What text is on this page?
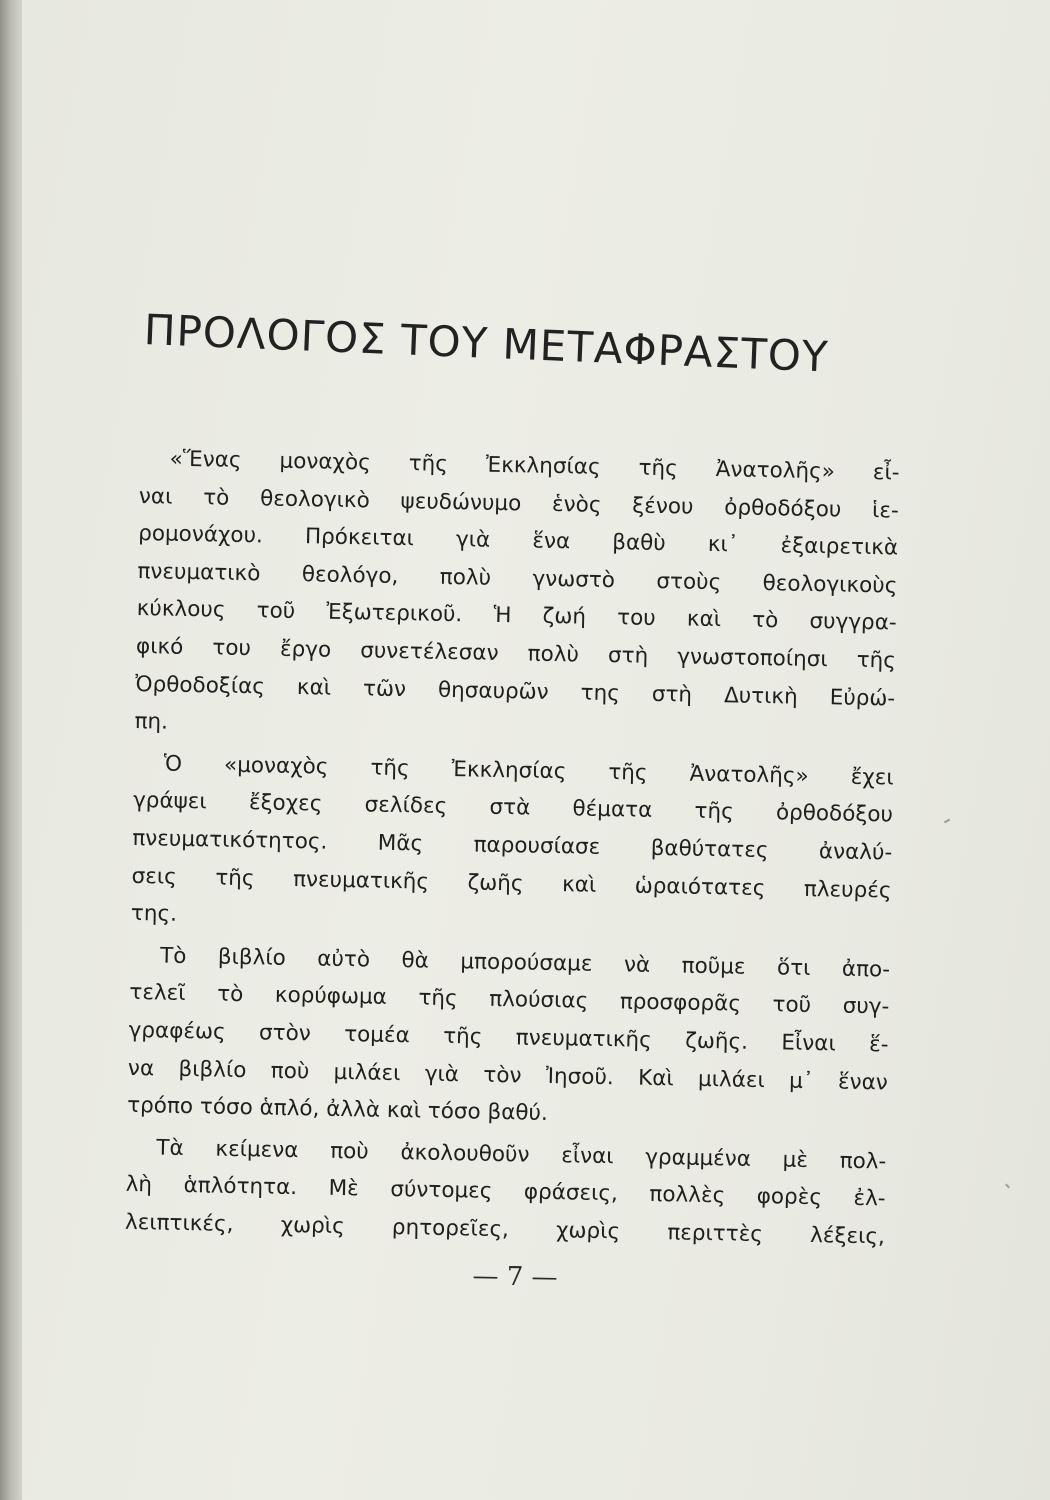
ΠΡΟΛΟΓΟΣ ΤΟΥ ΜΕΤΑΦΡΑΣΤΟΥ

«Ἕνας μοναχὸς τῆς Ἐκκλησίας τῆς Ἀνατολῆς» εἶ-
ναι τὸ θεολογικὸ ψευδώνυμο ἑνὸς ξένου ὀρθοδόξου ἱε-
ρομονάχου. Πρόκειται γιὰ ἕνα βαθὺ κι᾽ ἐξαιρετικὰ
πνευματικὸ θεολόγο, πολὺ γνωστὸ στοὺς θεολογικοὺς
κύκλους τοῦ Ἐξωτερικοῦ. Ἡ ζωή του καὶ τὸ συγγρα-
φικό του ἔργο συνετέλεσαν πολὺ στὴ γνωστοποίησι τῆς
Ὀρθοδοξίας καὶ τῶν θησαυρῶν της στὴ Δυτικὴ Εὐρώ-
πη.

Ὁ «μοναχὸς τῆς Ἐκκλησίας τῆς Ἀνατολῆς» ἔχει
γράψει ἔξοχες σελίδες στὰ θέματα τῆς ὀρθοδόξου
πνευματικότητος. Μᾶς παρουσίασε βαθύτατες ἀναλύ-
σεις τῆς πνευματικῆς ζωῆς καὶ ὡραιότατες πλευρές
της.

Τὸ βιβλίο αὐτὸ θὰ μπορούσαμε νὰ ποῦμε ὅτι ἀπο-
τελεῖ τὸ κορύφωμα τῆς πλούσιας προσφορᾶς τοῦ συγ-
γραφέως στὸν τομέα τῆς πνευματικῆς ζωῆς. Εἶναι ἕ-
να βιβλίο ποὺ μιλάει γιὰ τὸν Ἰησοῦ. Καὶ μιλάει μ᾽ ἕναν
τρόπο τόσο ἁπλό, ἀλλὰ καὶ τόσο βαθύ.

Τὰ κείμενα ποὺ ἀκολουθοῦν εἶναι γραμμένα μὲ πολ-
λὴ ἁπλότητα. Μὲ σύντομες φράσεις, πολλὲς φορὲς ἐλ-
λειπτικές, χωρὶς ρητορεῖες, χωρὶς περιττὲς λέξεις,

— 7 —
